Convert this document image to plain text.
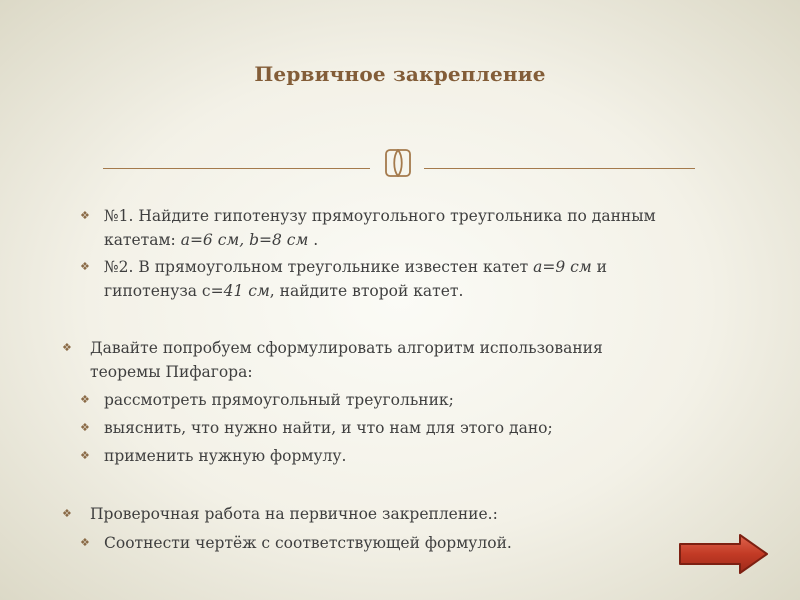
Первичное закрепление
❖ №1. Найдите гипотенузу прямоугольного треугольника по данным
катетам: а=6 см, b=8 см .
❖ №2. В прямоугольном треугольнике известен катет а=9 см и
гипотенуза с=41 см, найдите второй катет.
❖ Давайте попробуем сформулировать алгоритм использования
теоремы Пифагора:
❖ рассмотреть прямоугольный треугольник;
❖ выяснить, что нужно найти, и что нам для этого дано;
❖ применить нужную формулу.
❖ Проверочная работа на первичное закрепление.:
❖ Соотнести чертёж с соответствующей формулой.
